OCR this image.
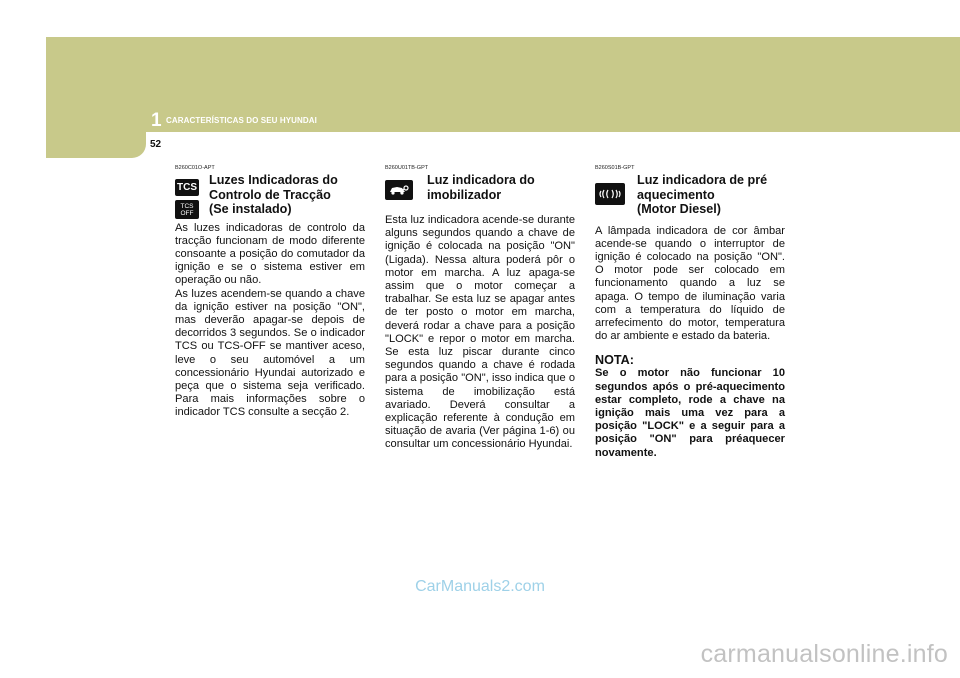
1 CARACTERÍSTICAS DO SEU HYUNDAI
52
B260C01O-APT
TCS
TCS
OFF
Luzes Indicadoras do
Controlo de Tracção
(Se instalado)

As luzes indicadoras de controlo da tracção funcionam de modo diferente consoante a posição do comutador da ignição e se o sistema estiver em operação ou não.
As luzes acendem-se quando a chave da ignição estiver na posição "ON", mas deverão apagar-se depois de decorridos 3 segundos. Se o indicador TCS ou TCS-OFF se mantiver aceso, leve o seu automóvel a um concessionário Hyundai autorizado e peça que o sistema seja verificado. Para mais informações sobre o indicador TCS consulte a secção 2.

B260U01TB-GPT
Luz indicadora do
imobilizador

Esta luz indicadora acende-se durante alguns segundos quando a chave de ignição é colocada na posição "ON" (Ligada). Nessa altura poderá pôr o motor em marcha. A luz apaga-se assim que o motor começar a trabalhar. Se esta luz se apagar antes de ter posto o motor em marcha, deverá rodar a chave para a posição "LOCK" e repor o motor em marcha. Se esta luz piscar durante cinco segundos quando a chave é rodada para a posição "ON", isso indica que o sistema de imobilização está avariado. Deverá consultar a explicação referente à condução em situação de avaria (Ver página 1-6) ou consultar um concessionário Hyundai.

B260S01B-GPT
Luz indicadora de pré
aquecimento
(Motor Diesel)

A lâmpada indicadora de cor âmbar acende-se quando o interruptor de ignição é colocado na posição "ON". O motor pode ser colocado em funcionamento quando a luz se apaga. O tempo de iluminação varia com a temperatura do líquido de arrefecimento do motor, temperatura do ar ambiente e estado da bateria.

NOTA:

Se o motor não funcionar 10 segundos após o pré-aquecimento estar completo, rode a chave na ignição mais uma vez para a posição "LOCK" e a seguir para a posição "ON" para préaquecer novamente.

CarManuals2.com
carmanualsonline.info
